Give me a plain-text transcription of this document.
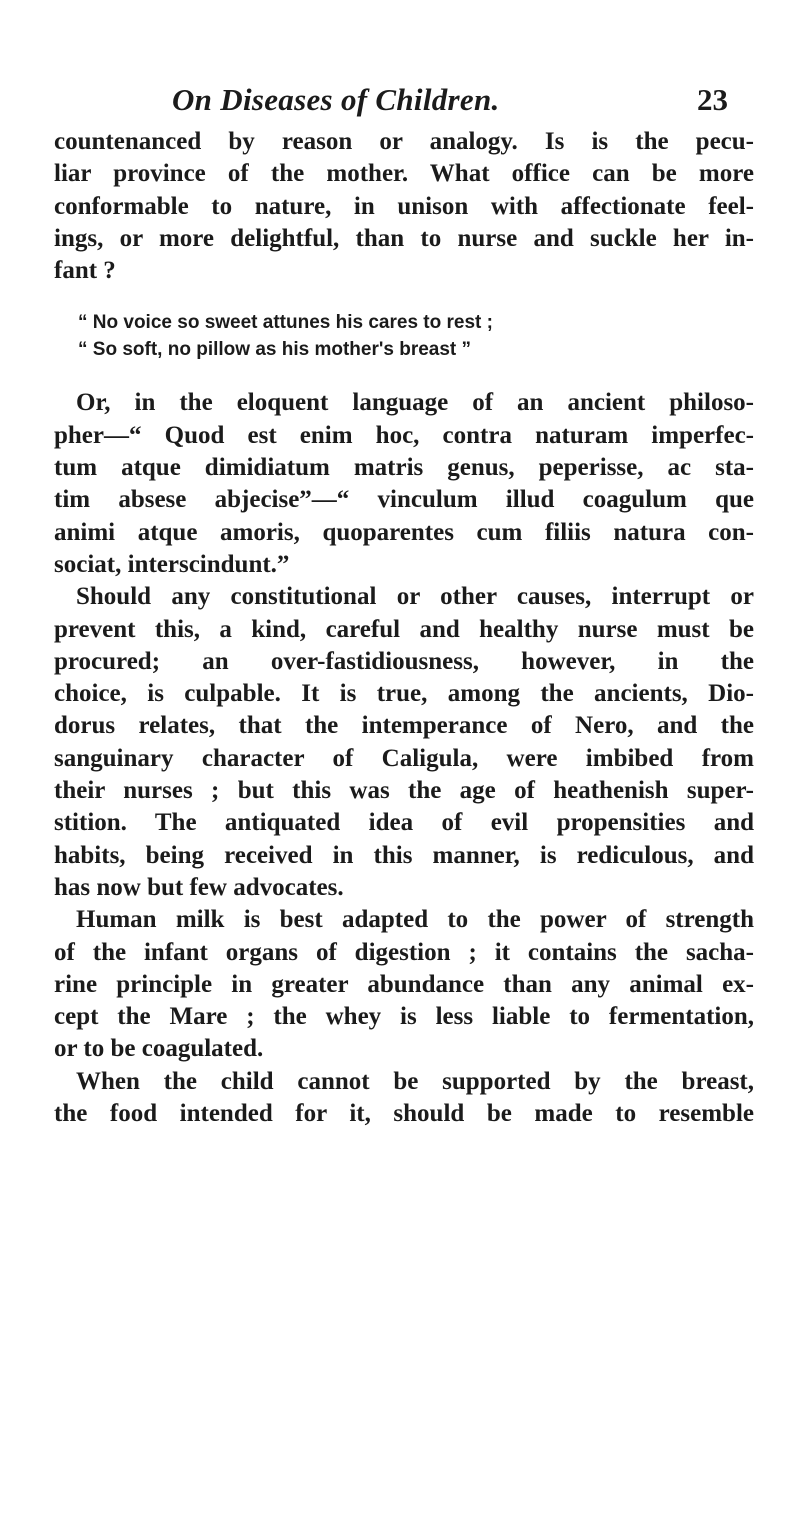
On Diseases of Children.	23

countenanced by reason or analogy. Is is the pecu-
liar province of the mother. What office can be more
conformable to nature, in unison with affectionate feel-
ings, or more delightful, than to nurse and suckle her in-
fant ?

“ No voice so sweet attunes his cares to rest ;
“ So soft, no pillow as his mother's breast ”

Or, in the eloquent language of an ancient philoso-
pher—“ Quod est enim hoc, contra naturam imperfec-
tum atque dimidiatum matris genus, peperisse, ac sta-
tim absese abjecise”—“ vinculum illud coagulum que
animi atque amoris, quoparentes cum filiis natura con-
sociat, interscindunt.”

Should any constitutional or other causes, interrupt or
prevent this, a kind, careful and healthy nurse must be
procured; an over-fastidiousness, however, in the
choice, is culpable. It is true, among the ancients, Dio-
dorus relates, that the intemperance of Nero, and the
sanguinary character of Caligula, were imbibed from
their nurses ; but this was the age of heathenish super-
stition. The antiquated idea of evil propensities and
habits, being received in this manner, is rediculous, and
has now but few advocates.

Human milk is best adapted to the power of strength
of the infant organs of digestion ; it contains the sacha-
rine principle in greater abundance than any animal ex-
cept the Mare ; the whey is less liable to fermentation,
or to be coagulated.

When the child cannot be supported by the breast,
the food intended for it, should be made to resemble
